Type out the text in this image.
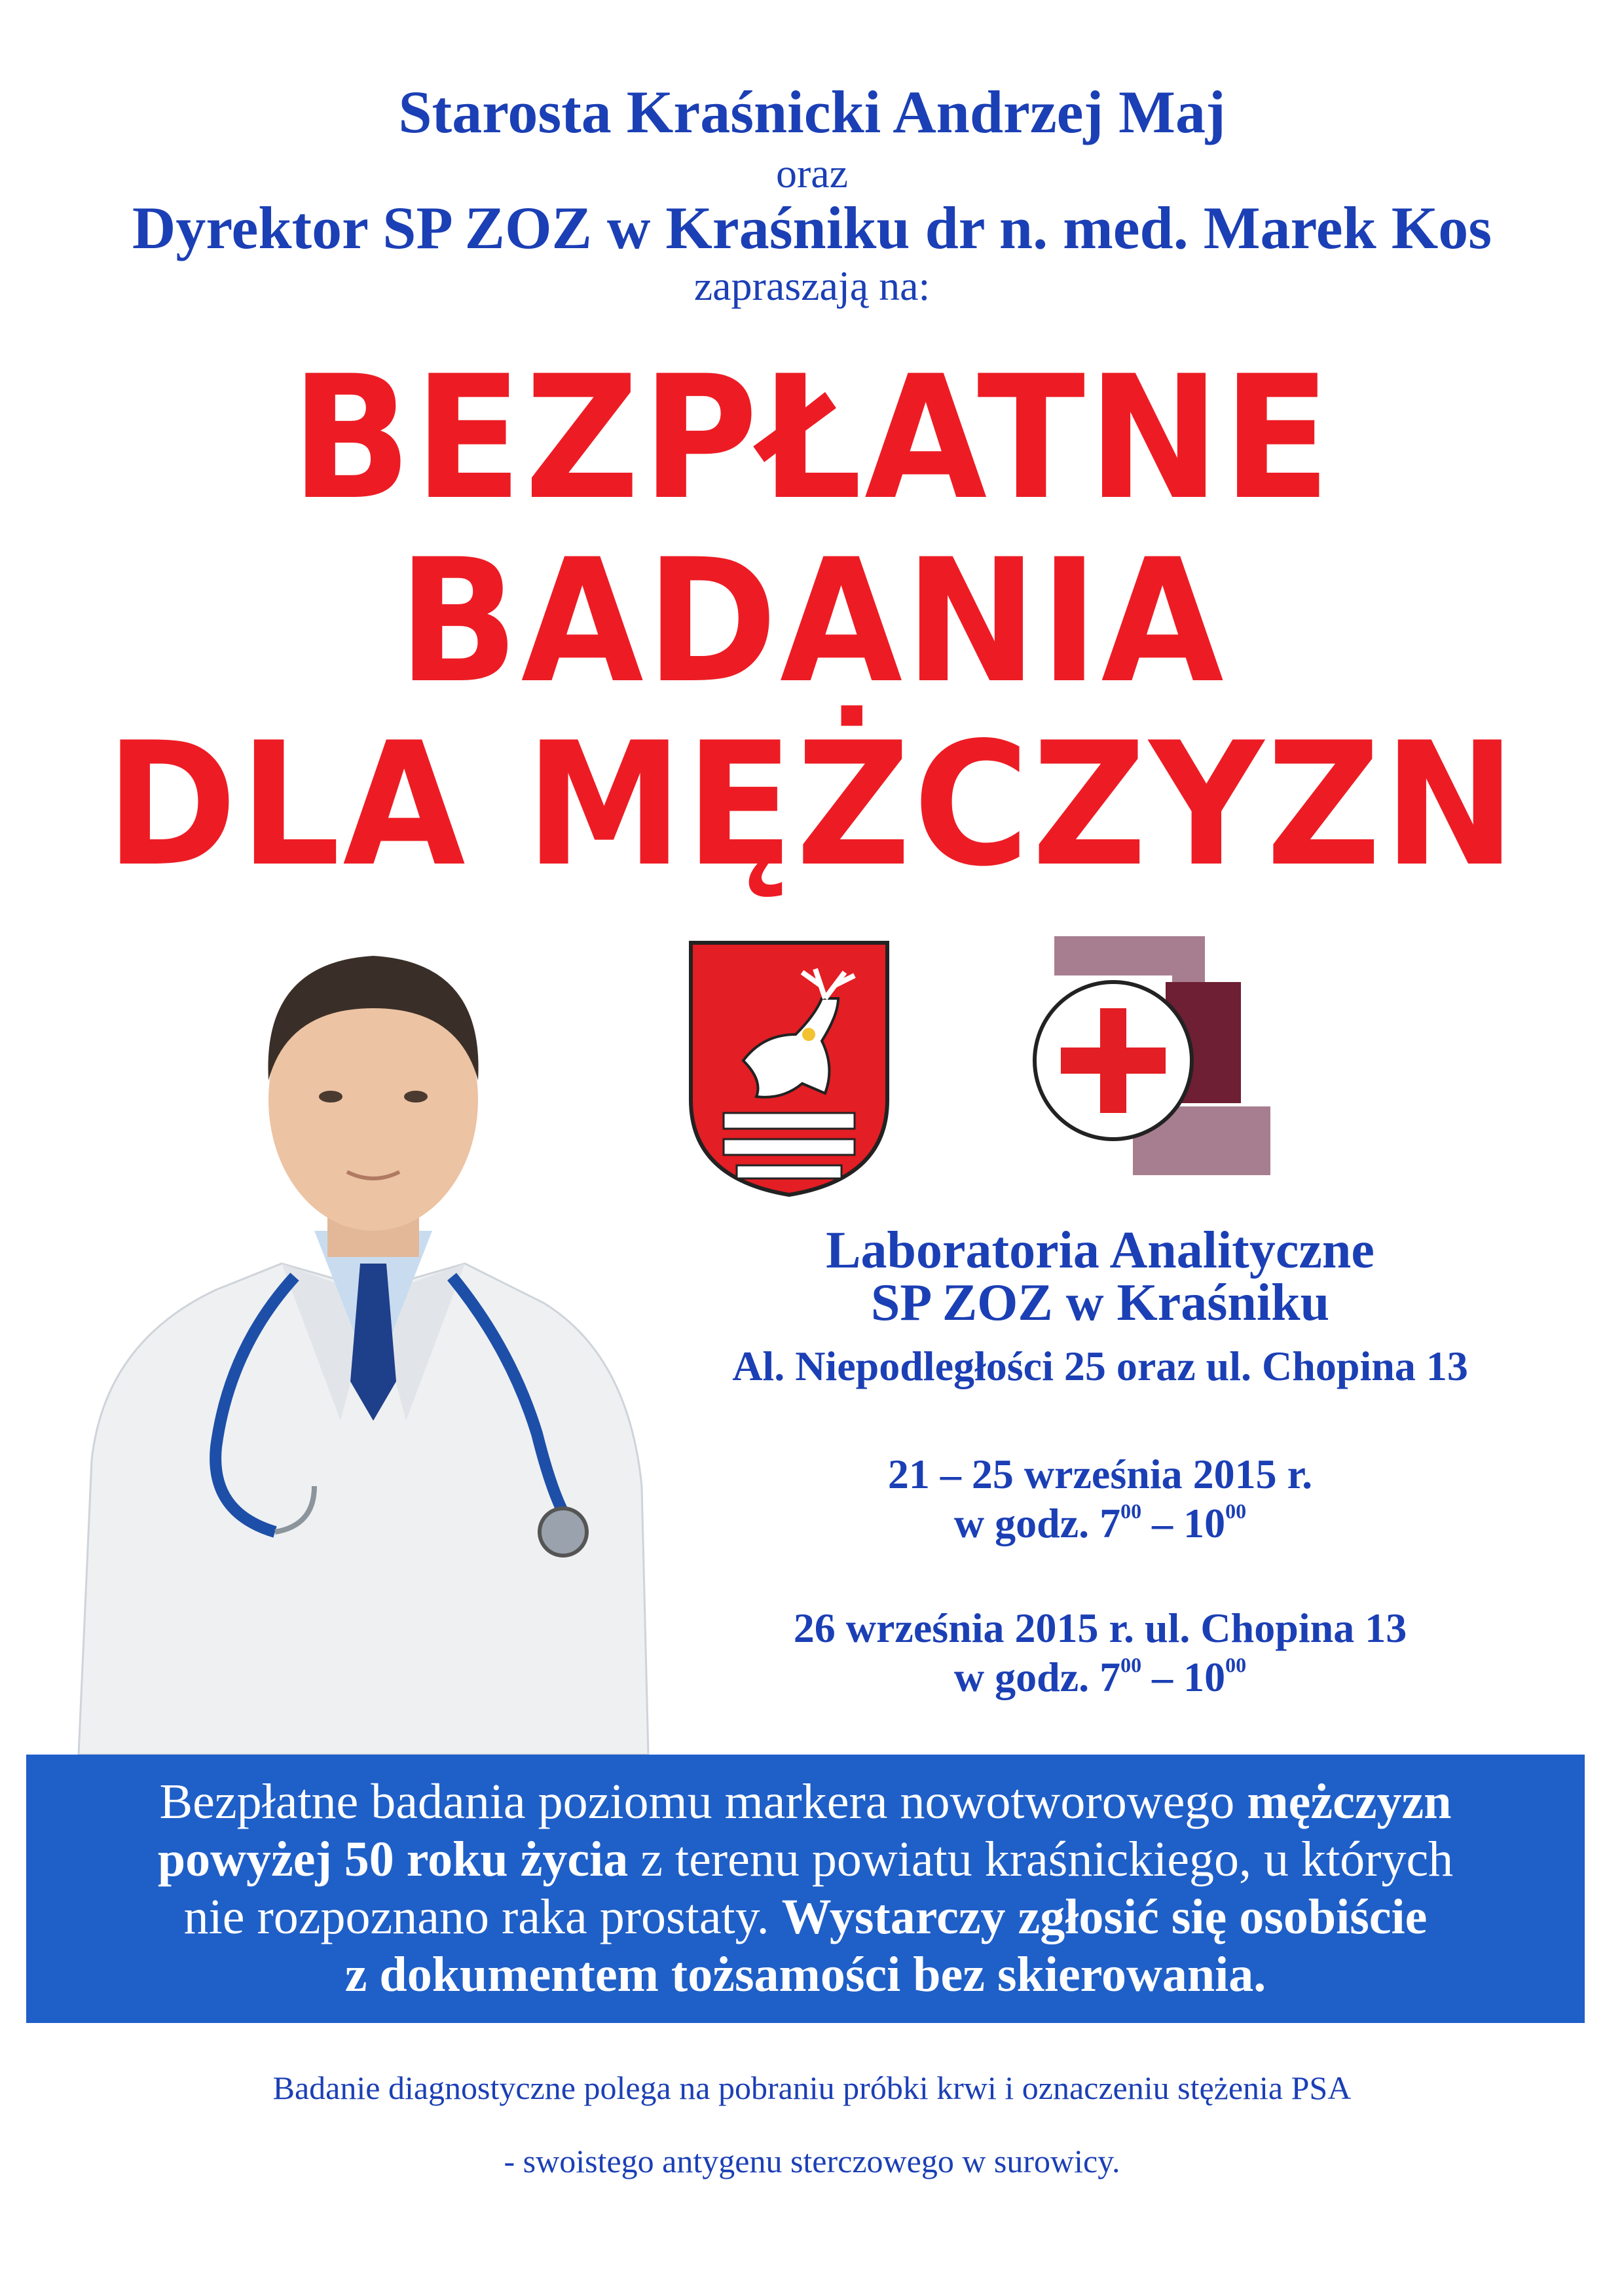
Starosta Kraśnicki Andrzej Maj
oraz
Dyrektor SP ZOZ w Kraśniku dr n. med. Marek Kos
zapraszają na:
BEZPŁATNE
BADANIA
DLA MĘŻCZYZN
Laboratoria Analityczne
SP ZOZ w Kraśniku
Al. Niepodległości 25 oraz ul. Chopina 13
21 – 25 września 2015 r.
w godz. $7^{00} - 10^{00}$
26 września 2015 r. ul. Chopina 13
w godz. $7^{00} - 10^{00}$
Bezpłatne badania poziomu markera nowotworowego mężczyzn
powyżej 50 roku życia z terenu powiatu kraśnickiego, u których
nie rozpoznano raka prostaty. Wystarczy zgłosić się osobiście
z dokumentem tożsamości bez skierowania.
Badanie diagnostyczne polega na pobraniu próbki krwi i oznaczeniu stężenia PSA
- swoistego antygenu sterczowego w surowicy.
